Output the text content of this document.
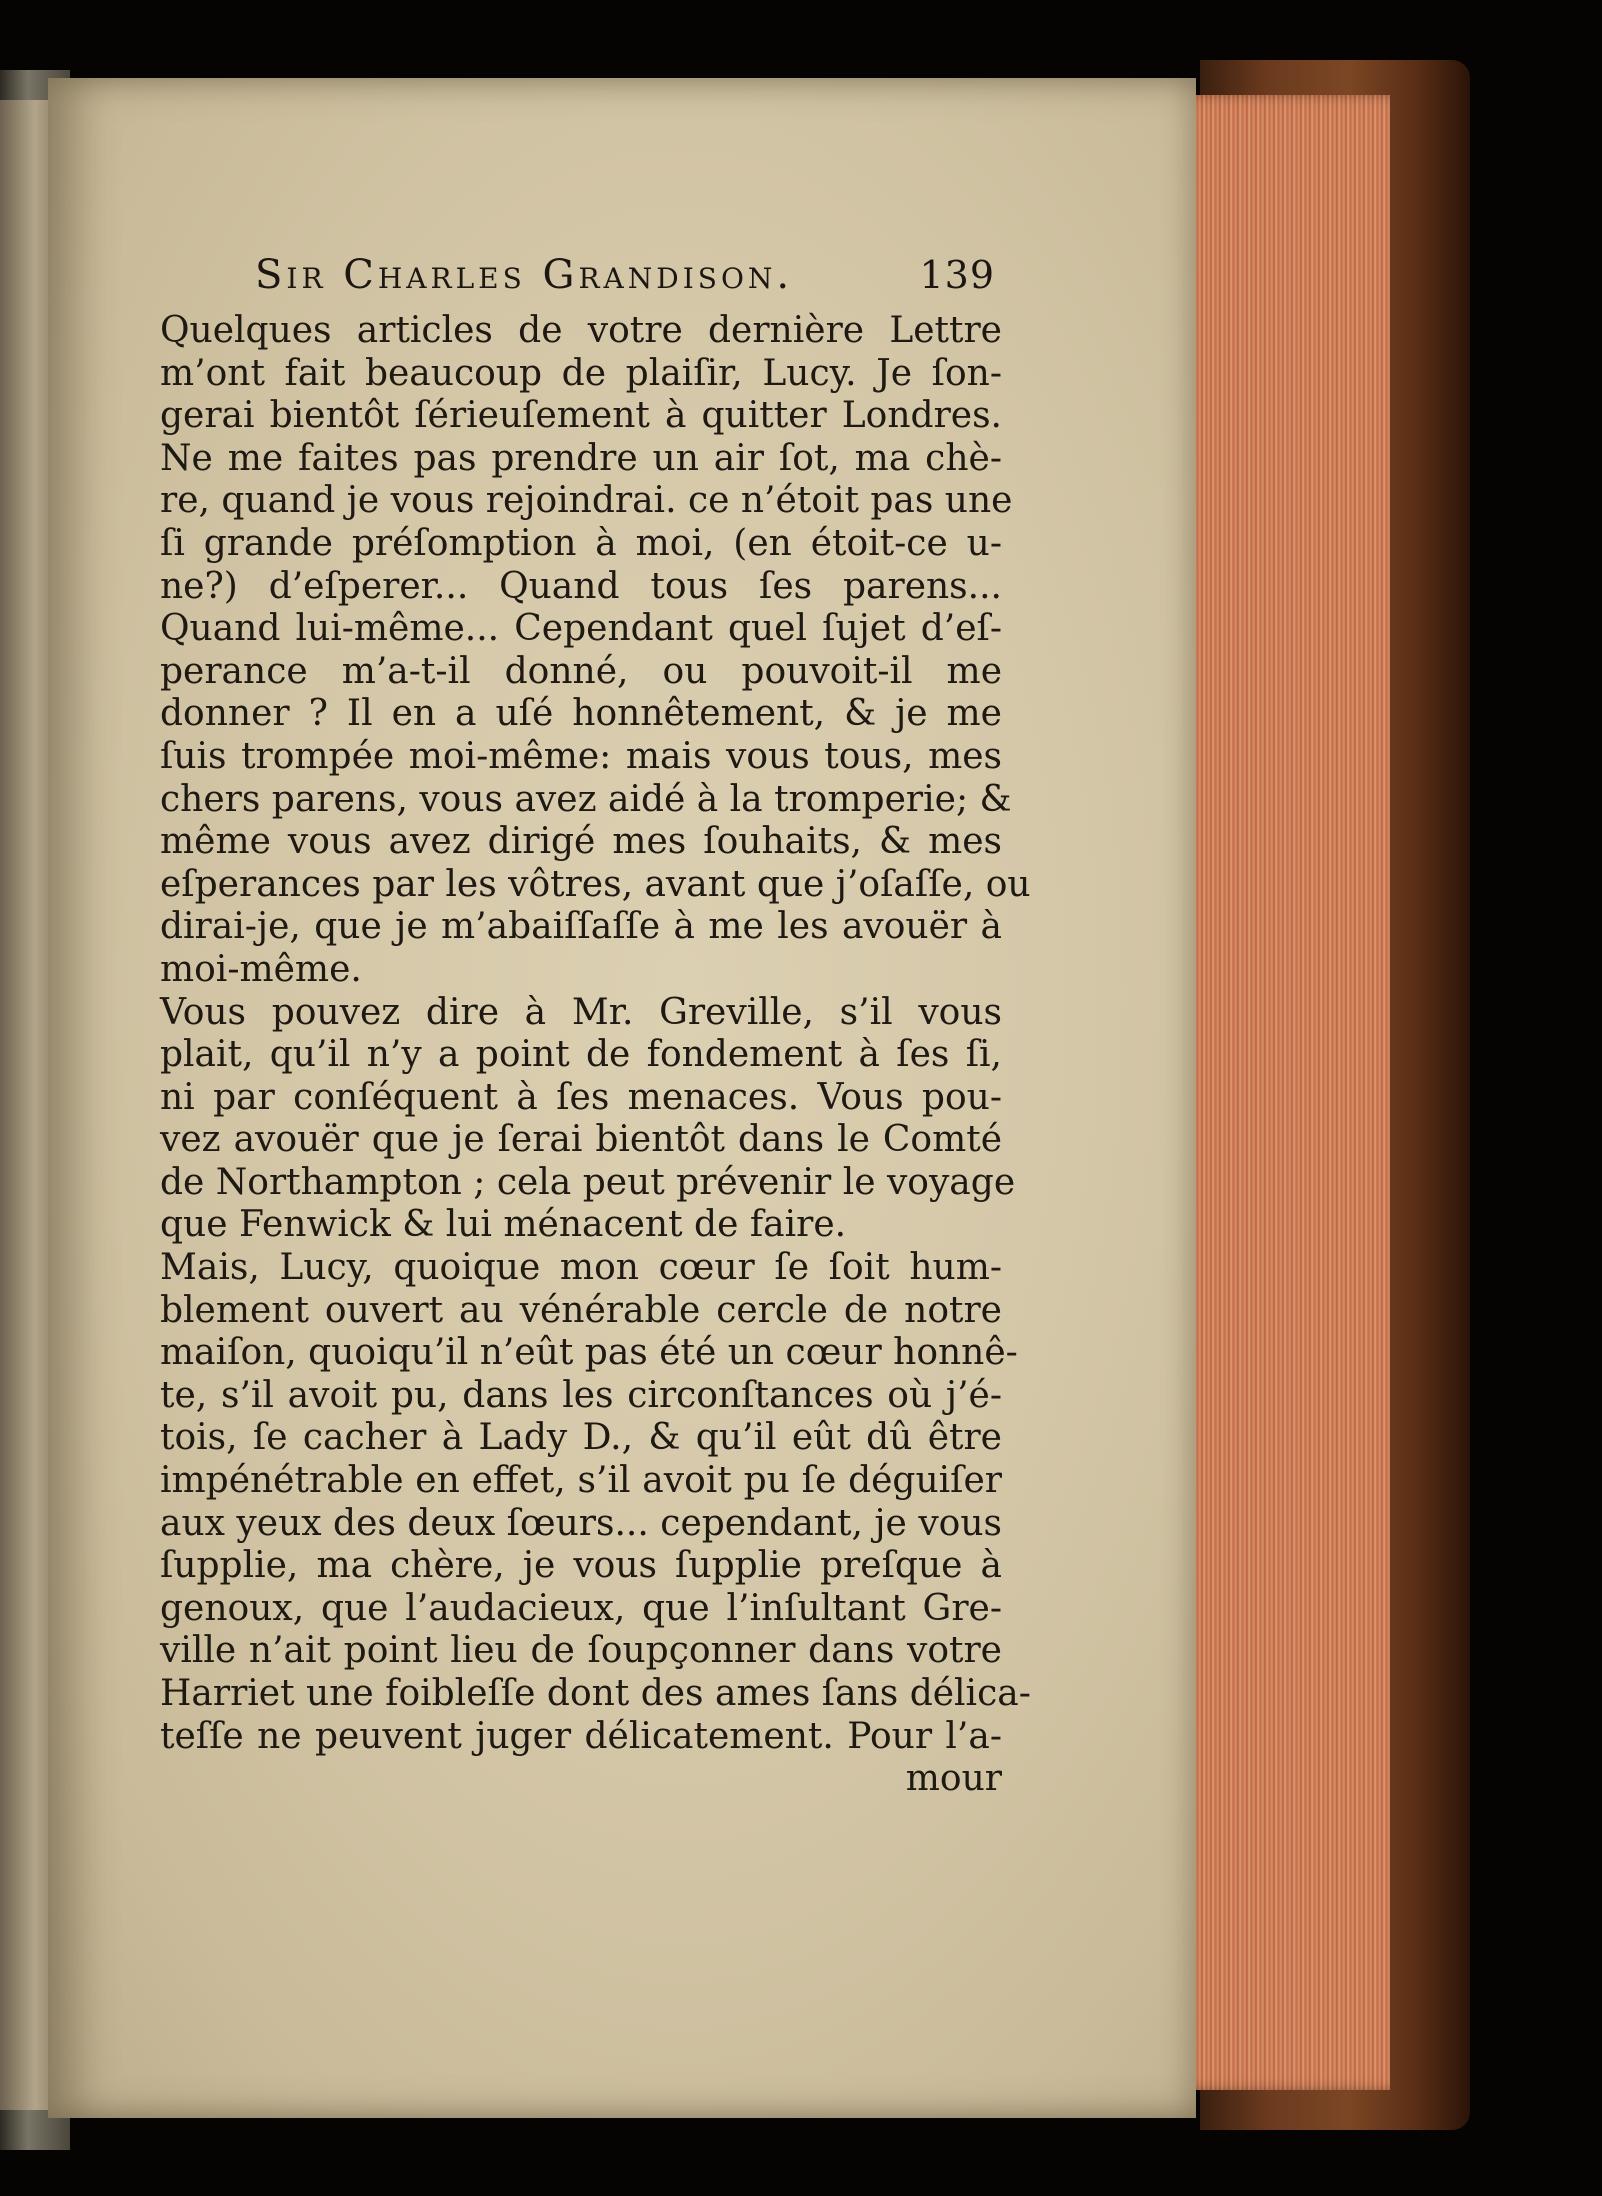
Sir Charles Grandison.	139
Quelques articles de votre dernière Lettre
m’ont fait beaucoup de plaiſir, Lucy. Je ſon-
gerai bientôt ſérieuſement à quitter Londres.
Ne me faites pas prendre un air ſot, ma chè-
re, quand je vous rejoindrai. ce n’étoit pas une
ſi grande préſomption à moi, (en étoit-ce u-
ne?) d’eſperer... Quand tous ſes parens...
Quand lui-même... Cependant quel ſujet d’eſ-
perance m’a-t-il donné, ou pouvoit-il me
donner ? Il en a uſé honnêtement, & je me
ſuis trompée moi-même: mais vous tous, mes
chers parens, vous avez aidé à la tromperie; &
même vous avez dirigé mes ſouhaits, & mes
eſperances par les vôtres, avant que j’oſaſſe, ou
dirai-je, que je m’abaiſſaſſe à me les avouër à
moi-même.
Vous pouvez dire à Mr. Greville, s’il vous
plait, qu’il n’y a point de fondement à ſes ſi,
ni par conſéquent à ſes menaces. Vous pou-
vez avouër que je ſerai bientôt dans le Comté
de Northampton ; cela peut prévenir le voyage
que Fenwick & lui ménacent de faire.
Mais, Lucy, quoique mon cœur ſe ſoit hum-
blement ouvert au vénérable cercle de notre
maiſon, quoiqu’il n’eût pas été un cœur honnê-
te, s’il avoit pu, dans les circonſtances où j’é-
tois, ſe cacher à Lady D., & qu’il eût dû être
impénétrable en effet, s’il avoit pu ſe déguiſer
aux yeux des deux ſœurs... cependant, je vous
ſupplie, ma chère, je vous ſupplie preſque à
genoux, que l’audacieux, que l’inſultant Gre-
ville n’ait point lieu de ſoupçonner dans votre
Harriet une foibleſſe dont des ames ſans délica-
teſſe ne peuvent juger délicatement. Pour l’a-
mour
